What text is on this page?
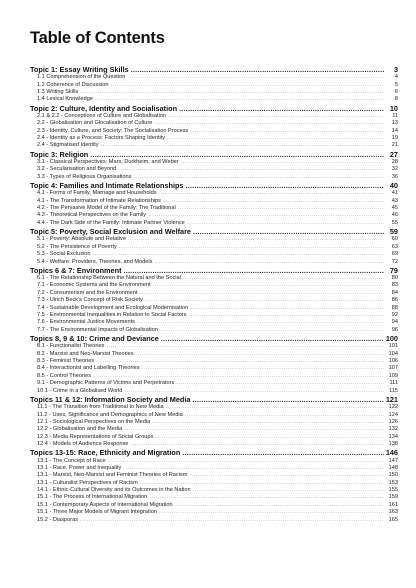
Table of Contents
Topic 1: Essay Writing Skills .....	3
1.1 Comprehension of the Question .....	4
1.2 Coherence of Discussion .....	5
1.3 Writing Skills .....	6
1.4 Lexical Knowledge .....	8
Topic 2: Culture, Identity and Socialisation .....	10
2.1 & 2.2 - Conceptions of Culture and Globalisation .....	11
2.2 - Globalisation and Glocalisation of Culture .....	13
2.3 - Identity, Culture, and Society: The Socialisation Process .....	14
2.4 - Identity as a Process: Factors Shaping Identity .....	19
2.4 - Stigmatised Identity .....	21
Topic 3: Religion .....	27
3.1 - Classical Perspectives: Marx, Durkheim, and Weber .....	28
3.2 - Secularisation and Beyond .....	32
3.3 - Types of Religious Organisations .....	36
Topic 4: Families and Intimate Relationships .....	40
4.1 - Forms of Family, Marriage and Households .....	41
4.1 - The Transformation of Intimate Relationships .....	43
4.2 - The Pervasive Model of the Family: The Traditional .....	45
4.3 - Theoretical Perspectives on the Family .....	46
4.4 - The Dark Side of the Family: Intimate Partner Violence .....	55
Topic 5: Poverty, Social Exclusion and Welfare .....	59
5.1 - Poverty: Absolute and Relative .....	60
5.2 - The Persistence of Poverty .....	63
5.3 - Social Exclusion .....	69
5.4 - Welfare: Providers, Theories, and Models .....	72
Topics 6 & 7: Environment .....	79
6.1 - The Relationship Between the Natural and the Social .....	80
7.1 - Economic Systems and the Environment .....	83
7.2 - Consumerism and the Environment .....	84
7.3 - Ulrich Beck's Concept of Risk Society .....	86
7.4 - Sustainable Development and Ecological Modernisation .....	88
7.5 - Environmental Inequalities in Relation to Social Factors .....	92
7.6 - Environmental Justice Movements .....	94
7.7 - The Environmental Impacts of Globalisation .....	96
Topics 8, 9 & 10: Crime and Deviance .....	100
8.1 - Functionalist Theories .....	101
8.2 - Marxist and Neo-Marxist Theories .....	104
8.3 - Feminist Theories .....	106
8.4 - Interactionist and Labelling Theories .....	107
8.5 - Control Theories .....	109
9.1 - Demographic Patterns of Victims and Perpetrators .....	111
10.1 - Crime in a Globalised World .....	115
Topics 11 & 12: Information Society and Media .....	121
11.1 - The Transition from Traditional to New Media .....	122
11.2 - Uses, Significance and Demographics of New Media .....	124
12.1 - Sociological Perspectives on the Media .....	126
12.2 - Globalisation and the Media .....	132
12.3 - Media Representations of Social Groups .....	134
12.4 - Models of Audience Response .....	138
Topics 13-15: Race, Ethnicity and Migration .....	146
13.1 - The Concept of Race .....	147
13.1 - Race, Power and Inequality .....	148
13.1 - Marxist, Neo-Marxist and Feminist Theories of Racism .....	150
13.1 - Culturalist Perspectives of Racism .....	153
14.1 - Ethnic-Cultural Diversity and its Outcomes in the Nation .....	155
15.1 - The Process of International Migration .....	159
15.1 - Contemporary Aspects of International Migration .....	161
15.1 - Three Major Models of Migrant Integration .....	163
15.2 - Diasporas .....	165
